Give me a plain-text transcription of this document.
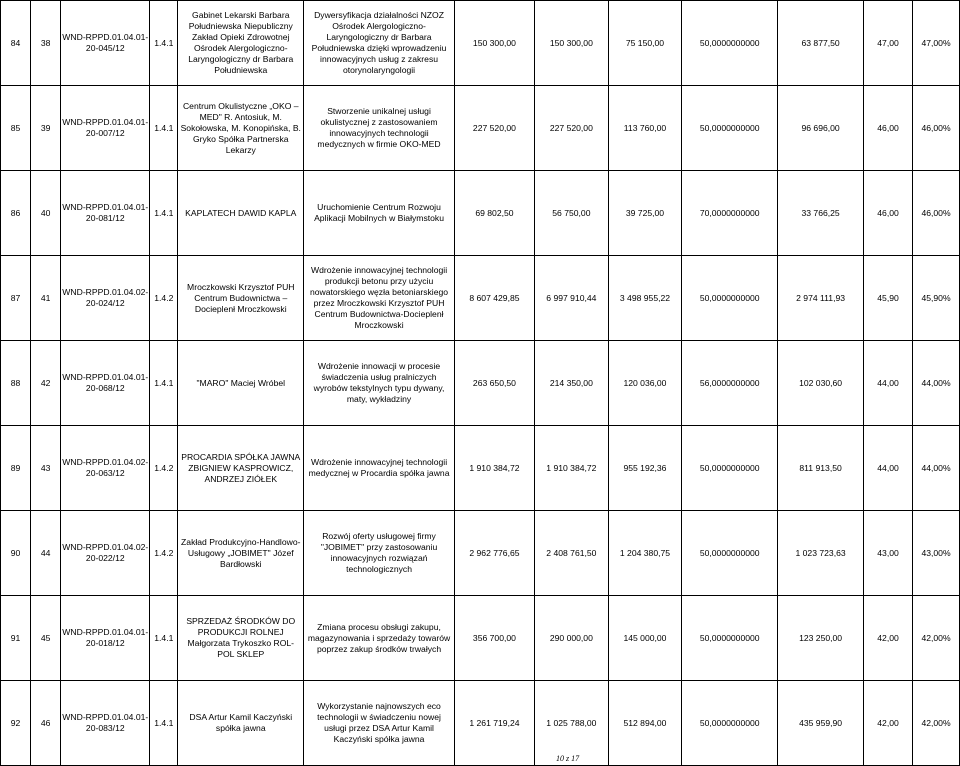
84	38	WND-RPPD.01.04.01-20-045/12	1.4.1	Gabinet Lekarski Barbara Południewska Niepubliczny Zakład Opieki Zdrowotnej Ośrodek Alergologiczno-Laryngologiczny dr Barbara Południewska	Dywersyfikacja działalności NZOZ Ośrodek Alergologiczno-Laryngologiczny dr Barbara Południewska dzięki wprowadzeniu innowacyjnych usług z zakresu otorynolaryngologii	150 300,00	150 300,00	75 150,00	50,0000000000	63 877,50	47,00	47,00%
85	39	WND-RPPD.01.04.01-20-007/12	1.4.1	Centrum Okulistyczne „OKO – MED" R. Antosiuk, M. Sokołowska, M. Konopińska, B. Gryko Spółka Partnerska Lekarzy	Stworzenie unikalnej usługi okulistycznej z zastosowaniem innowacyjnych technologii medycznych w firmie OKO-MED	227 520,00	227 520,00	113 760,00	50,0000000000	96 696,00	46,00	46,00%
86	40	WND-RPPD.01.04.01-20-081/12	1.4.1	KAPLATECH DAWID KAPLA	Uruchomienie Centrum Rozwoju Aplikacji Mobilnych w Białymstoku	69 802,50	56 750,00	39 725,00	70,0000000000	33 766,25	46,00	46,00%
87	41	WND-RPPD.01.04.02-20-024/12	1.4.2	Mroczkowski Krzysztof PUH Centrum Budownictwa – Docieplenł Mroczkowski	Wdrożenie innowacyjnej technologii produkcji betonu przy użyciu nowatorskiego węzła betoniarskiego przez Mroczkowski Krzysztof PUH Centrum Budownictwa-Docieplenł Mroczkowski	8 607 429,85	6 997 910,44	3 498 955,22	50,0000000000	2 974 111,93	45,90	45,90%
88	42	WND-RPPD.01.04.01-20-068/12	1.4.1	"MARO" Maciej Wróbel	Wdrożenie innowacji w procesie świadczenia usług pralniczych wyrobów tekstylnych typu dywany, maty, wykładziny	263 650,50	214 350,00	120 036,00	56,0000000000	102 030,60	44,00	44,00%
89	43	WND-RPPD.01.04.02-20-063/12	1.4.2	PROCARDIA SPÓŁKA JAWNA ZBIGNIEW KASPROWICZ, ANDRZEJ ZIÓŁEK	Wdrożenie innowacyjnej technologii medycznej w Procardia spółka jawna	1 910 384,72	1 910 384,72	955 192,36	50,0000000000	811 913,50	44,00	44,00%
90	44	WND-RPPD.01.04.02-20-022/12	1.4.2	Zakład Produkcyjno-Handlowo-Usługowy „JOBIMET" Józef Bardłowski	Rozwój oferty usługowej firmy "JOBIMET" przy zastosowaniu innowacyjnych rozwiązań technologicznych	2 962 776,65	2 408 761,50	1 204 380,75	50,0000000000	1 023 723,63	43,00	43,00%
91	45	WND-RPPD.01.04.01-20-018/12	1.4.1	SPRZEDAŻ ŚRODKÓW DO PRODUKCJI ROLNEJ Małgorzata Trykoszko ROL-POL SKLEP	Zmiana procesu obsługi zakupu, magazynowania i sprzedaży towarów poprzez zakup środków trwałych	356 700,00	290 000,00	145 000,00	50,0000000000	123 250,00	42,00	42,00%
92	46	WND-RPPD.01.04.01-20-083/12	1.4.1	DSA Artur Kamil Kaczyński spółka jawna	Wykorzystanie najnowszych eco technologii w świadczeniu nowej usługi przez DSA Artur Kamil Kaczyński spółka jawna	1 261 719,24	1 025 788,00	512 894,00	50,0000000000	435 959,90	42,00	42,00%
10 z 17
